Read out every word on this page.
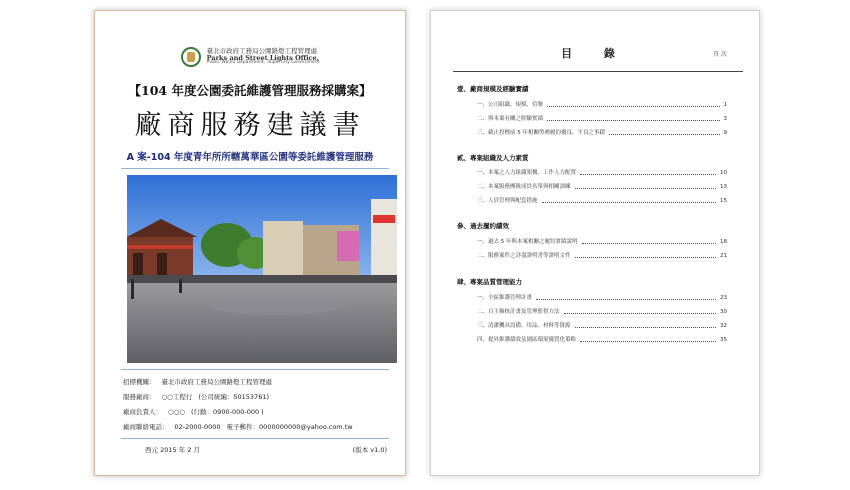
臺北市政府工務局公園路燈工程管理處
Parks and Street Lights Office,
Public Works Department, Taipei City Government
【104 年度公園委託維護管理服務採購案】
廠商服務建議書
A 案-104 年度青年所所轄萬華區公園等委託維護管理服務
招標機關： 臺北市政府工務局公園路燈工程管理處
服務廠商： ○○工程行 (公司統編：50153761)
廠商負責人： ○○○ (行動：0900-000-000 )
廠商聯絡電話： 02-2000-0000 電子郵件：0000000000@yahoo.com.tw
西元 2015 年 2 月	(版本 v1.0)
目 錄	頁 次
壹、廠商規模及經驗實績
一、公司組織、規模、信譽	1
二、與本案有關之經驗實績	3
三、截止投標前 5 年相關勞務履約優良、不良之事蹟	9
貳、專案組織及人力素質
一、本案之人力組織架構、工作人力配置	10
二、本案服務團隊成員名單與相關訓練	13
三、人員管理與配套措施	15
參、過去履約績效
一、過去 5 年與本案相關之履約實績說明	18
二、服務案件之詳盡證明書等證明文件	21
肆、專案品質管理能力
一、全區維護管理計畫	23
二、自主檢核計畫及管理監督方法	30
三、清潔機具設備、用品、材料等資源	32
四、提昇維護績效及園區環境優質化策略	35
